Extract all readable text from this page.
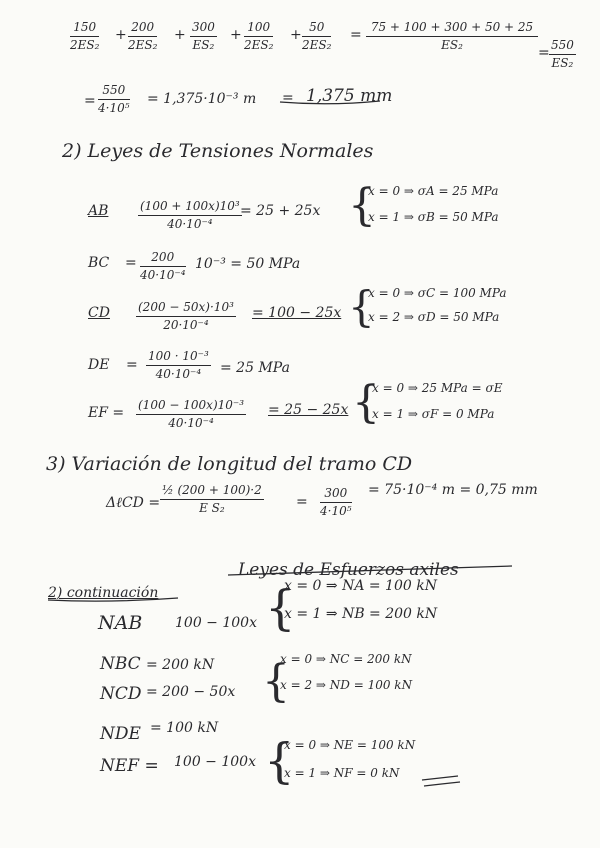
$\frac{150}{\text{2ES₂}} + \frac{200}{\text{2ES₂}} + \frac{300}{\text{ES₂}} + \frac{100}{\text{2ES₂}} + \frac{50}{\text{2ES₂}} = \frac{75 + 100 + 300 + 50 + 25}{\text{ES₂}} = \frac{550}{\text{ES₂}}$
= $\frac{550}{\text{4·10⁵}} = 1,375\cdot 10^{-3}$ m = 1,375 mm
2) Leyes de Tensiones Normales
AB $\frac{\text{(100 + 100x)10³}}{\text{40·10⁻⁴}}$
= 25 + 25x {
x = 0 ⇒ σA = 25 MPa
x = 1 ⇒ σB = 50 MPa
BC = $\frac{200}{\text{40·10⁻⁴}} 10^{-3} = 50$ MPa
CD $\frac{\text{(200 − 50x)·10³}}{\text{20·10⁻⁴}} = 100 - 25x$ {
x = 0 ⇒ σC = 100 MPa
x = 2 ⇒ σD = 50 MPa
DE = $\frac{\text{100 · 10⁻³}}{\text{40·10⁻⁴}} = 25$ MPa
EF = $\frac{\text{(100 − 100x)10⁻³}}{\text{40·10⁻⁴}} = 25 - 25x$ {
x = 0 ⇒ 25 MPa = σE
x = 1 ⇒ σF = 0 MPa
3) Variación de longitud del tramo CD
ΔℓCD = $\frac{\text{½ (200 + 100)·2}}{\text{E S₂}} = \frac{300}{\text{4·10⁵}} = 75\cdot 10^{-4}$ m = 0,75 mm
Leyes de Esfuerzos axiles
2) continuación
NAB 100 − 100x {
x = 0 ⇒ NA = 100 kN
x = 1 ⇒ NB = 200 kN
NBC = 200 kN
NCD = 200 − 50x {
x = 0 ⇒ NC = 200 kN
x = 2 ⇒ ND = 100 kN
NDE = 100 kN
NEF = 100 − 100x {
x = 0 ⇒ NE = 100 kN
x = 1 ⇒ NF = 0 kN
